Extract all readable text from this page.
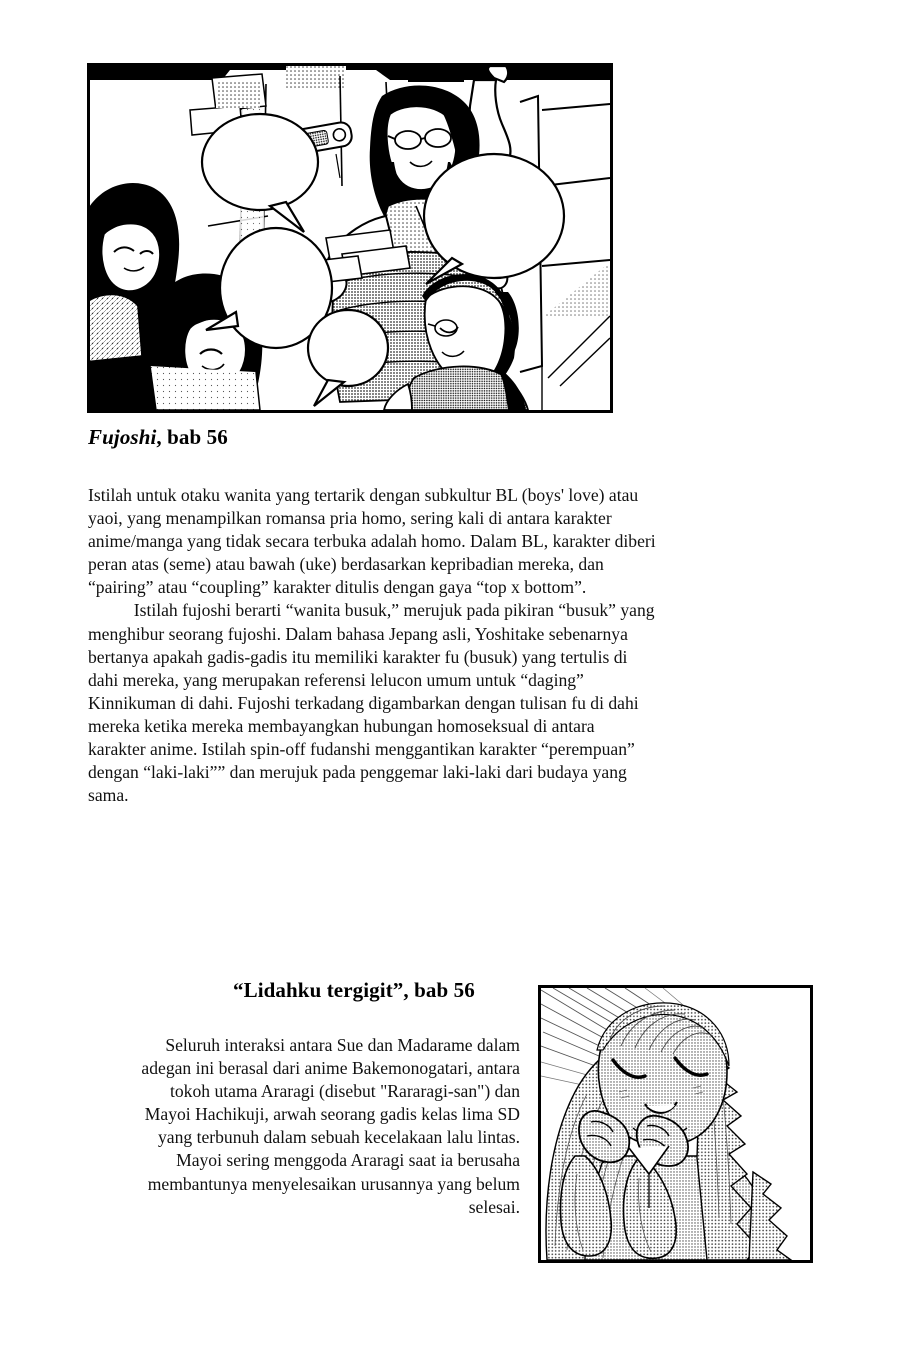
Fujoshi, bab 56

Istilah untuk otaku wanita yang tertarik dengan subkultur BL (boys' love) atau yaoi, yang menampilkan romansa pria homo, sering kali di antara karakter anime/manga yang tidak secara terbuka adalah homo. Dalam BL, karakter diberi peran atas (seme) atau bawah (uke) berdasarkan kepribadian mereka, dan “pairing” atau “coupling” karakter ditulis dengan gaya “top x bottom”.

Istilah fujoshi berarti “wanita busuk,” merujuk pada pikiran “busuk” yang menghibur seorang fujoshi. Dalam bahasa Jepang asli, Yoshitake sebenarnya bertanya apakah gadis-gadis itu memiliki karakter fu (busuk) yang tertulis di dahi mereka, yang merupakan referensi lelucon umum untuk “daging” Kinnikuman di dahi. Fujoshi terkadang digambarkan dengan tulisan fu di dahi mereka ketika mereka membayangkan hubungan homoseksual di antara karakter anime. Istilah spin-off fudanshi menggantikan karakter “perempuan” dengan “laki-laki”” dan merujuk pada penggemar laki-laki dari budaya yang sama.

“Lidahku tergigit”, bab 56

Seluruh interaksi antara Sue dan Madarame dalam adegan ini berasal dari anime Bakemonogatari, antara tokoh utama Araragi (disebut "Rararagi-san") dan Mayoi Hachikuji, arwah seorang gadis kelas lima SD yang terbunuh dalam sebuah kecelakaan lalu lintas. Mayoi sering menggoda Araragi saat ia berusaha membantunya menyelesaikan urusannya yang belum selesai.
